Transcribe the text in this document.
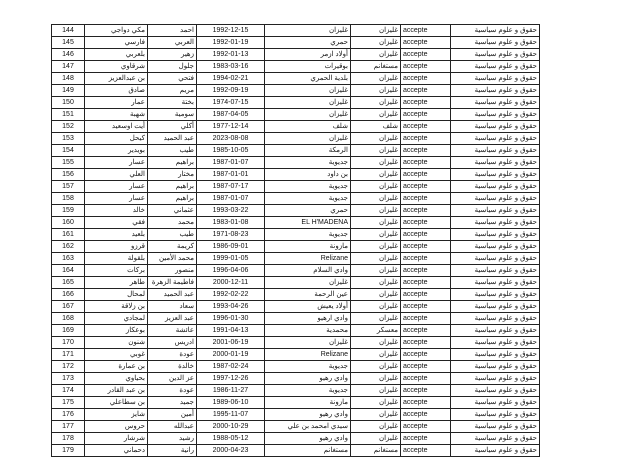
144	مكي دواجي	احمد	1992-12-15	غليزان	غليزان	accepte	حقوق و علوم سياسية
145	فارسي	العربي	1992-01-19	حمري	غليزان	accepte	حقوق و علوم سياسية
146	بلعربي	زهير	1992-01-13	أولاد ازمر	غليزان	accepte	حقوق و علوم سياسية
147	شرقاوي	جلول	1983-03-16	بوقيرات	مستغانم	accepte	حقوق و علوم سياسية
148	بن عبدالعزيز	فتحي	1994-02-21	بلدية الحمري	غليزان	accepte	حقوق و علوم سياسية
149	صادق	مريم	1992-09-19	غليزان	غليزان	accepte	حقوق و علوم سياسية
150	عمار	بختة	1974-07-15	غليزان	غليزان	accepte	حقوق و علوم سياسية
151	شهبة	سومية	1987-04-05	غليزان	غليزان	accepte	حقوق و علوم سياسية
152	أيت اوسعيد	أكلي	1977-12-14	شلف	شلف	accepte	حقوق و علوم سياسية
153	كيحل	عبد الحميد	2023-08-08	غليزان	غليزان	accepte	حقوق و علوم سياسية
154	بويدير	طيب	1985-10-05	الرمكة	غليزان	accepte	حقوق و علوم سياسية
155	عسار	براهيم	1987-01-07	جديوية	غليزان	accepte	حقوق و علوم سياسية
156	العلي	مختار	1987-01-01	بن داود	غليزان	accepte	حقوق و علوم سياسية
157	عسار	براهيم	1987-07-17	جديوية	غليزان	accepte	حقوق و علوم سياسية
158	عسار	براهيم	1987-01-07	جديوية	غليزان	accepte	حقوق و علوم سياسية
159	خالد	عثماني	1993-03-22	حمري	غليزان	accepte	حقوق و علوم سياسية
160	فقي	محمد	1983-01-08	EL H'MADENA	غليزان	accepte	حقوق و علوم سياسية
161	بلعيد	طيب	1971-08-23	جديوية	غليزان	accepte	حقوق و علوم سياسية
162	قرزو	كريمة	1986-09-01	مازونة	غليزان	accepte	حقوق و علوم سياسية
163	بلقولة	محمد الأمين	1999-01-05	Relizane	غليزان	accepte	حقوق و علوم سياسية
164	بركات	منصور	1996-04-06	وادي السلام	غليزان	accepte	حقوق و علوم سياسية
165	طاهر	فاطيمة الزهرة	2000-12-11	غليزان	غليزان	accepte	حقوق و علوم سياسية
166	لمحال	عبد الحميد	1992-02-22	عين الرحمة	غليزان	accepte	حقوق و علوم سياسية
167	بن زلاقة	سعاد	1993-04-26	أولاد يعيش	غليزان	accepte	حقوق و علوم سياسية
168	لمجادي	عبد العزيز	1996-01-30	وادي ارهيو	غليزان	accepte	حقوق و علوم سياسية
169	بوعكاز	عائشة	1991-04-13	محمدية	معسكر	accepte	حقوق و علوم سياسية
170	شنون	ادريس	2001-06-19	غليزان	غليزان	accepte	حقوق و علوم سياسية
171	غوبي	عودة	2000-01-19	Relizane	غليزان	accepte	حقوق و علوم سياسية
172	بن عمارة	خالدة	1987-02-24	جديوية	غليزان	accepte	حقوق و علوم سياسية
173	بحياوي	عز الدين	1997-12-26	وادي رهيو	غليزان	accepte	حقوق و علوم سياسية
174	بن عبد القادر	عودة	1986-11-27	جديوية	غليزان	accepte	حقوق و علوم سياسية
175	بن سطاعلي	جميد	1989-06-10	مازونة	غليزان	accepte	حقوق و علوم سياسية
176	شايز	أمين	1995-11-07	وادي رهيو	غليزان	accepte	حقوق و علوم سياسية
177	حروس	عبدالله	2000-10-29	سيدي امحمد بن علي	غليزان	accepte	حقوق و علوم سياسية
178	شرشار	رشيد	1988-05-12	وادي رهيو	غليزان	accepte	حقوق و علوم سياسية
179	دحماني	رانية	2000-04-23	مستغانم	مستغانم	accepte	حقوق و علوم سياسية
